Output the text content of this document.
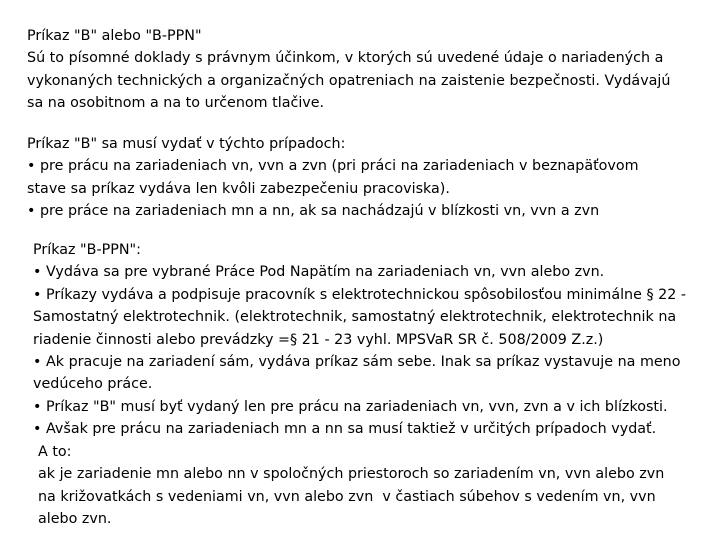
Príkaz "B" alebo "B-PPN"
Sú to písomné doklady s právnym účinkom, v ktorých sú uvedené údaje o nariadených a
vykonaných technických a organizačných opatreniach na zaistenie bezpečnosti. Vydávajú
sa na osobitnom a na to určenom tlačive.
Príkaz "B" sa musí vydať v týchto prípadoch:
• pre prácu na zariadeniach vn, vvn a zvn (pri práci na zariadeniach v beznapäťovom
stave sa príkaz vydáva len kvôli zabezpečeniu pracoviska).
• pre práce na zariadeniach mn a nn, ak sa nachádzajú v blízkosti vn, vvn a zvn
Príkaz "B-PPN":
• Vydáva sa pre vybrané Práce Pod Napätím na zariadeniach vn, vvn alebo zvn.
• Príkazy vydáva a podpisuje pracovník s elektrotechnickou spôsobilosťou minimálne § 22 -
Samostatný elektrotechnik. (elektrotechnik, samostatný elektrotechnik, elektrotechnik na
riadenie činnosti alebo prevádzky =§ 21 - 23 vyhl. MPSVaR SR č. 508/2009 Z.z.)
• Ak pracuje na zariadení sám, vydáva príkaz sám sebe. Inak sa príkaz vystavuje na meno
vedúceho práce.
• Príkaz "B" musí byť vydaný len pre prácu na zariadeniach vn, vvn, zvn a v ich blízkosti.
• Avšak pre prácu na zariadeniach mn a nn sa musí taktiež v určitých prípadoch vydať.
A to:
ak je zariadenie mn alebo nn v spoločných priestoroch so zariadením vn, vvn alebo zvn
na križovatkách s vedeniami vn, vvn alebo zvn  v častiach súbehov s vedením vn, vvn
alebo zvn.
